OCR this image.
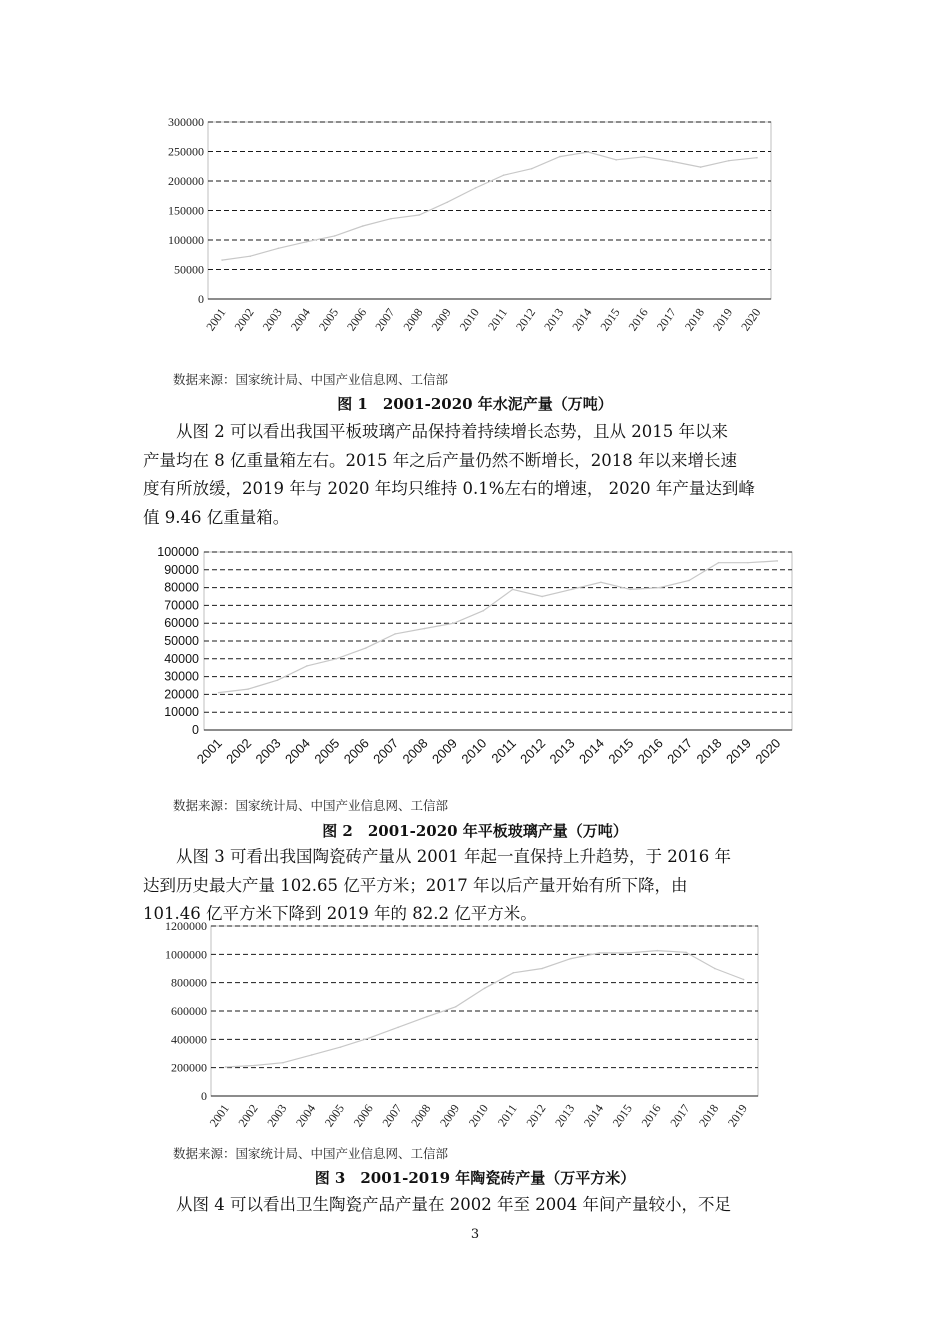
0
50000
100000
150000
200000
250000
300000
2001 2002 2003 2004 2005 2006 2007 2008 2009 2010 2011 2012 2013 2014 2015 2016 2017 2018 2019 2020
数据来源：国家统计局、中国产业信息网、工信部
图 1　2001-2020 年水泥产量（万吨）
从图 2 可以看出我国平板玻璃产品保持着持续增长态势，且从 2015 年以来
产量均在 8 亿重量箱左右。2015 年之后产量仍然不断增长，2018 年以来增长速
度有所放缓，2019 年与 2020 年均只维持 0.1%左右的增速， 2020 年产量达到峰
值 9.46 亿重量箱。
0
10000
20000
30000
40000
50000
60000
70000
80000
90000
100000
2001
2002
2003
2004
2005
2006
2007
2008
2009
2010 2011
2012
2013
2014
2015
2016
2017
2018
2019
2020
数据来源：国家统计局、中国产业信息网、工信部
图 2　2001-2020 年平板玻璃产量（万吨）
从图 3 可看出我国陶瓷砖产量从 2001 年起一直保持上升趋势，于 2016 年
达到历史最大产量 102.65 亿平方米；2017 年以后产量开始有所下降，由
101.46 亿平方米下降到 2019 年的 82.2 亿平方米。
0
200000
400000
600000
800000
1000000
1200000
2001 2002 2003 2004 2005 2006 2007 2008 2009 2010 2011 2012 2013 2014 2015 2016 2017 2018 2019
数据来源：国家统计局、中国产业信息网、工信部
图 3　2001-2019 年陶瓷砖产量（万平方米）
从图 4 可以看出卫生陶瓷产品产量在 2002 年至 2004 年间产量较小，不足
3
